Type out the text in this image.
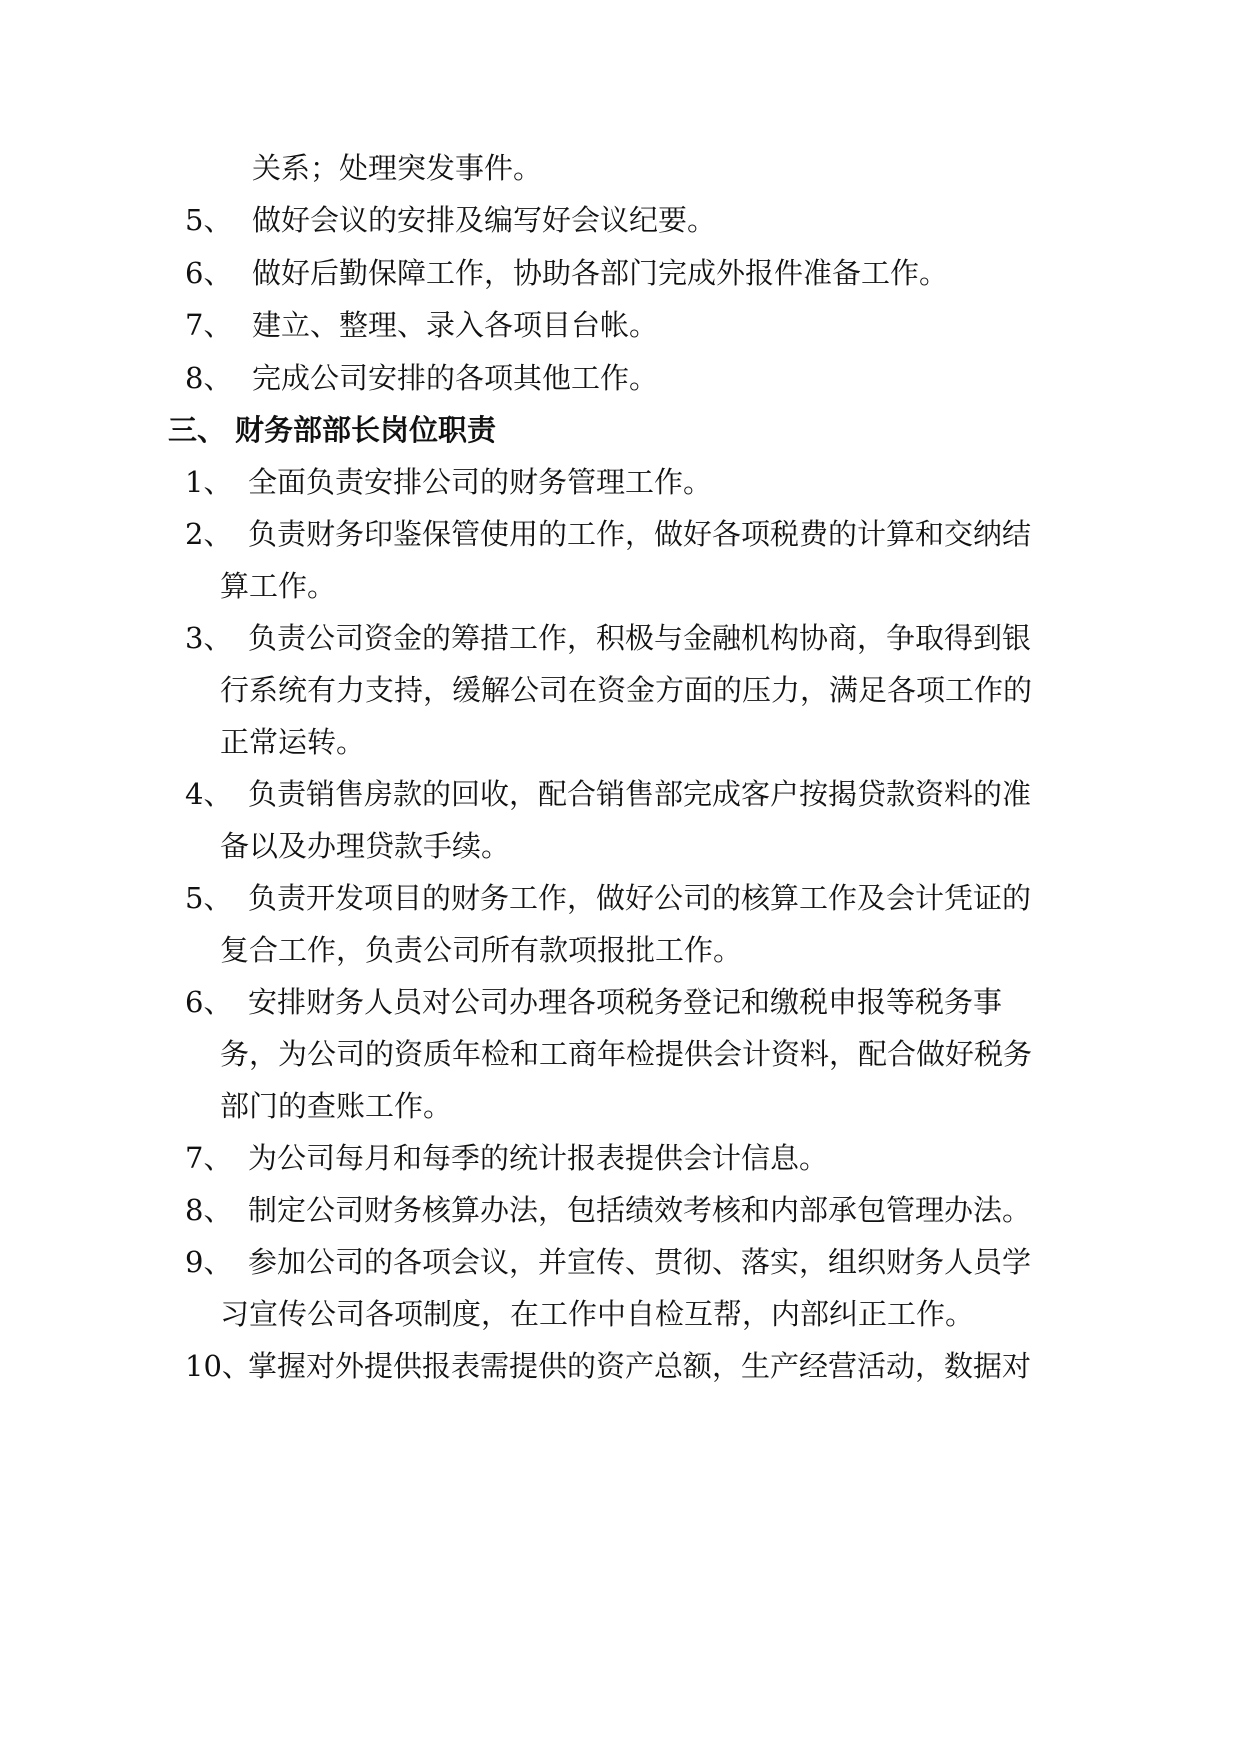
关系；处理突发事件。
5、 做好会议的安排及编写好会议纪要。
6、 做好后勤保障工作，协助各部门完成外报件准备工作。
7、 建立、整理、录入各项目台帐。
8、 完成公司安排的各项其他工作。
三、 财务部部长岗位职责
1、 全面负责安排公司的财务管理工作。
2、 负责财务印鉴保管使用的工作，做好各项税费的计算和交纳结
算工作。
3、 负责公司资金的筹措工作，积极与金融机构协商，争取得到银
行系统有力支持，缓解公司在资金方面的压力，满足各项工作的
正常运转。
4、 负责销售房款的回收，配合销售部完成客户按揭贷款资料的准
备以及办理贷款手续。
5、 负责开发项目的财务工作，做好公司的核算工作及会计凭证的
复合工作，负责公司所有款项报批工作。
6、 安排财务人员对公司办理各项税务登记和缴税申报等税务事
务，为公司的资质年检和工商年检提供会计资料，配合做好税务
部门的查账工作。
7、 为公司每月和每季的统计报表提供会计信息。
8、 制定公司财务核算办法，包括绩效考核和内部承包管理办法。
9、 参加公司的各项会议，并宣传、贯彻、落实，组织财务人员学
习宣传公司各项制度，在工作中自检互帮，内部纠正工作。
10、
掌握对外提供报表需提供的资产总额，生产经营活动，数据对
